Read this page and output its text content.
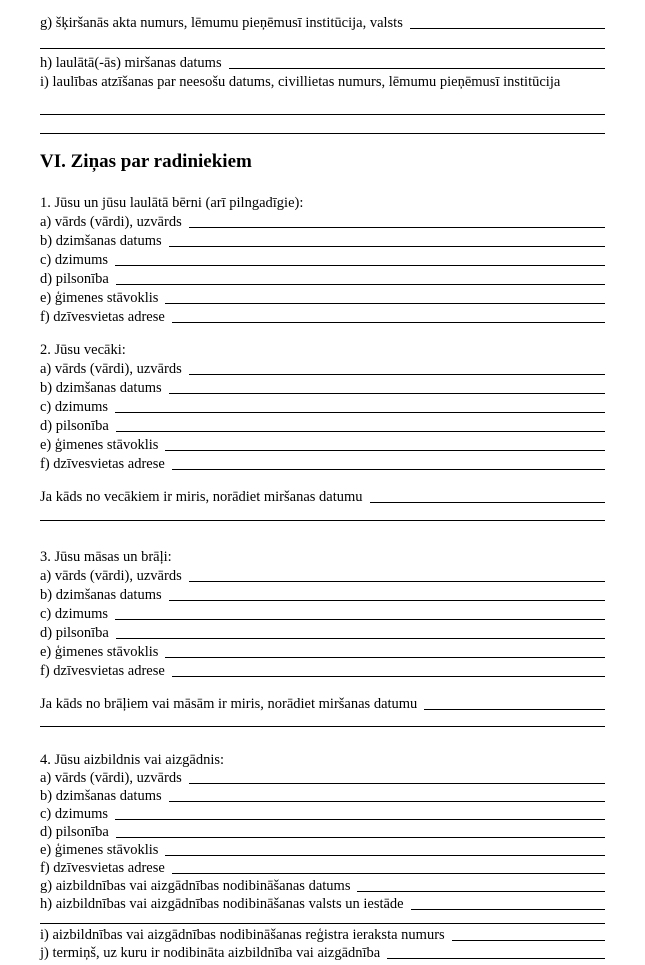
g) šķiršanās akta numurs, lēmumu pieņēmusī institūcija, valsts
h) laulātā(-ās) miršanas datums
i) laulības atzīšanas par neesošu datums, civillietas numurs, lēmumu pieņēmusī institūcija
VI. Ziņas par radiniekiem
1. Jūsu un jūsu laulātā bērni (arī pilngadīgie):
a) vārds (vārdi), uzvārds
b) dzimšanas datums
c) dzimums
d) pilsonība
e) ģimenes stāvoklis
f) dzīvesvietas adrese
2. Jūsu vecāki:
a) vārds (vārdi), uzvārds
b) dzimšanas datums
c) dzimums
d) pilsonība
e) ģimenes stāvoklis
f) dzīvesvietas adrese
Ja kāds no vecākiem ir miris, norādiet miršanas datumu
3. Jūsu māsas un brāļi:
a) vārds (vārdi), uzvārds
b) dzimšanas datums
c) dzimums
d) pilsonība
e) ģimenes stāvoklis
f) dzīvesvietas adrese
Ja kāds no brāļiem vai māsām ir miris, norādiet miršanas datumu
4. Jūsu aizbildnis vai aizgādnis:
a) vārds (vārdi), uzvārds
b) dzimšanas datums
c) dzimums
d) pilsonība
e) ģimenes stāvoklis
f) dzīvesvietas adrese
g) aizbildnības vai aizgādnības nodibināšanas datums
h) aizbildnības vai aizgādnības nodibināšanas valsts un iestāde
i) aizbildnības vai aizgādnības nodibināšanas reģistra ieraksta numurs
j) termiņš, uz kuru ir nodibināta aizbildnība vai aizgādnība
